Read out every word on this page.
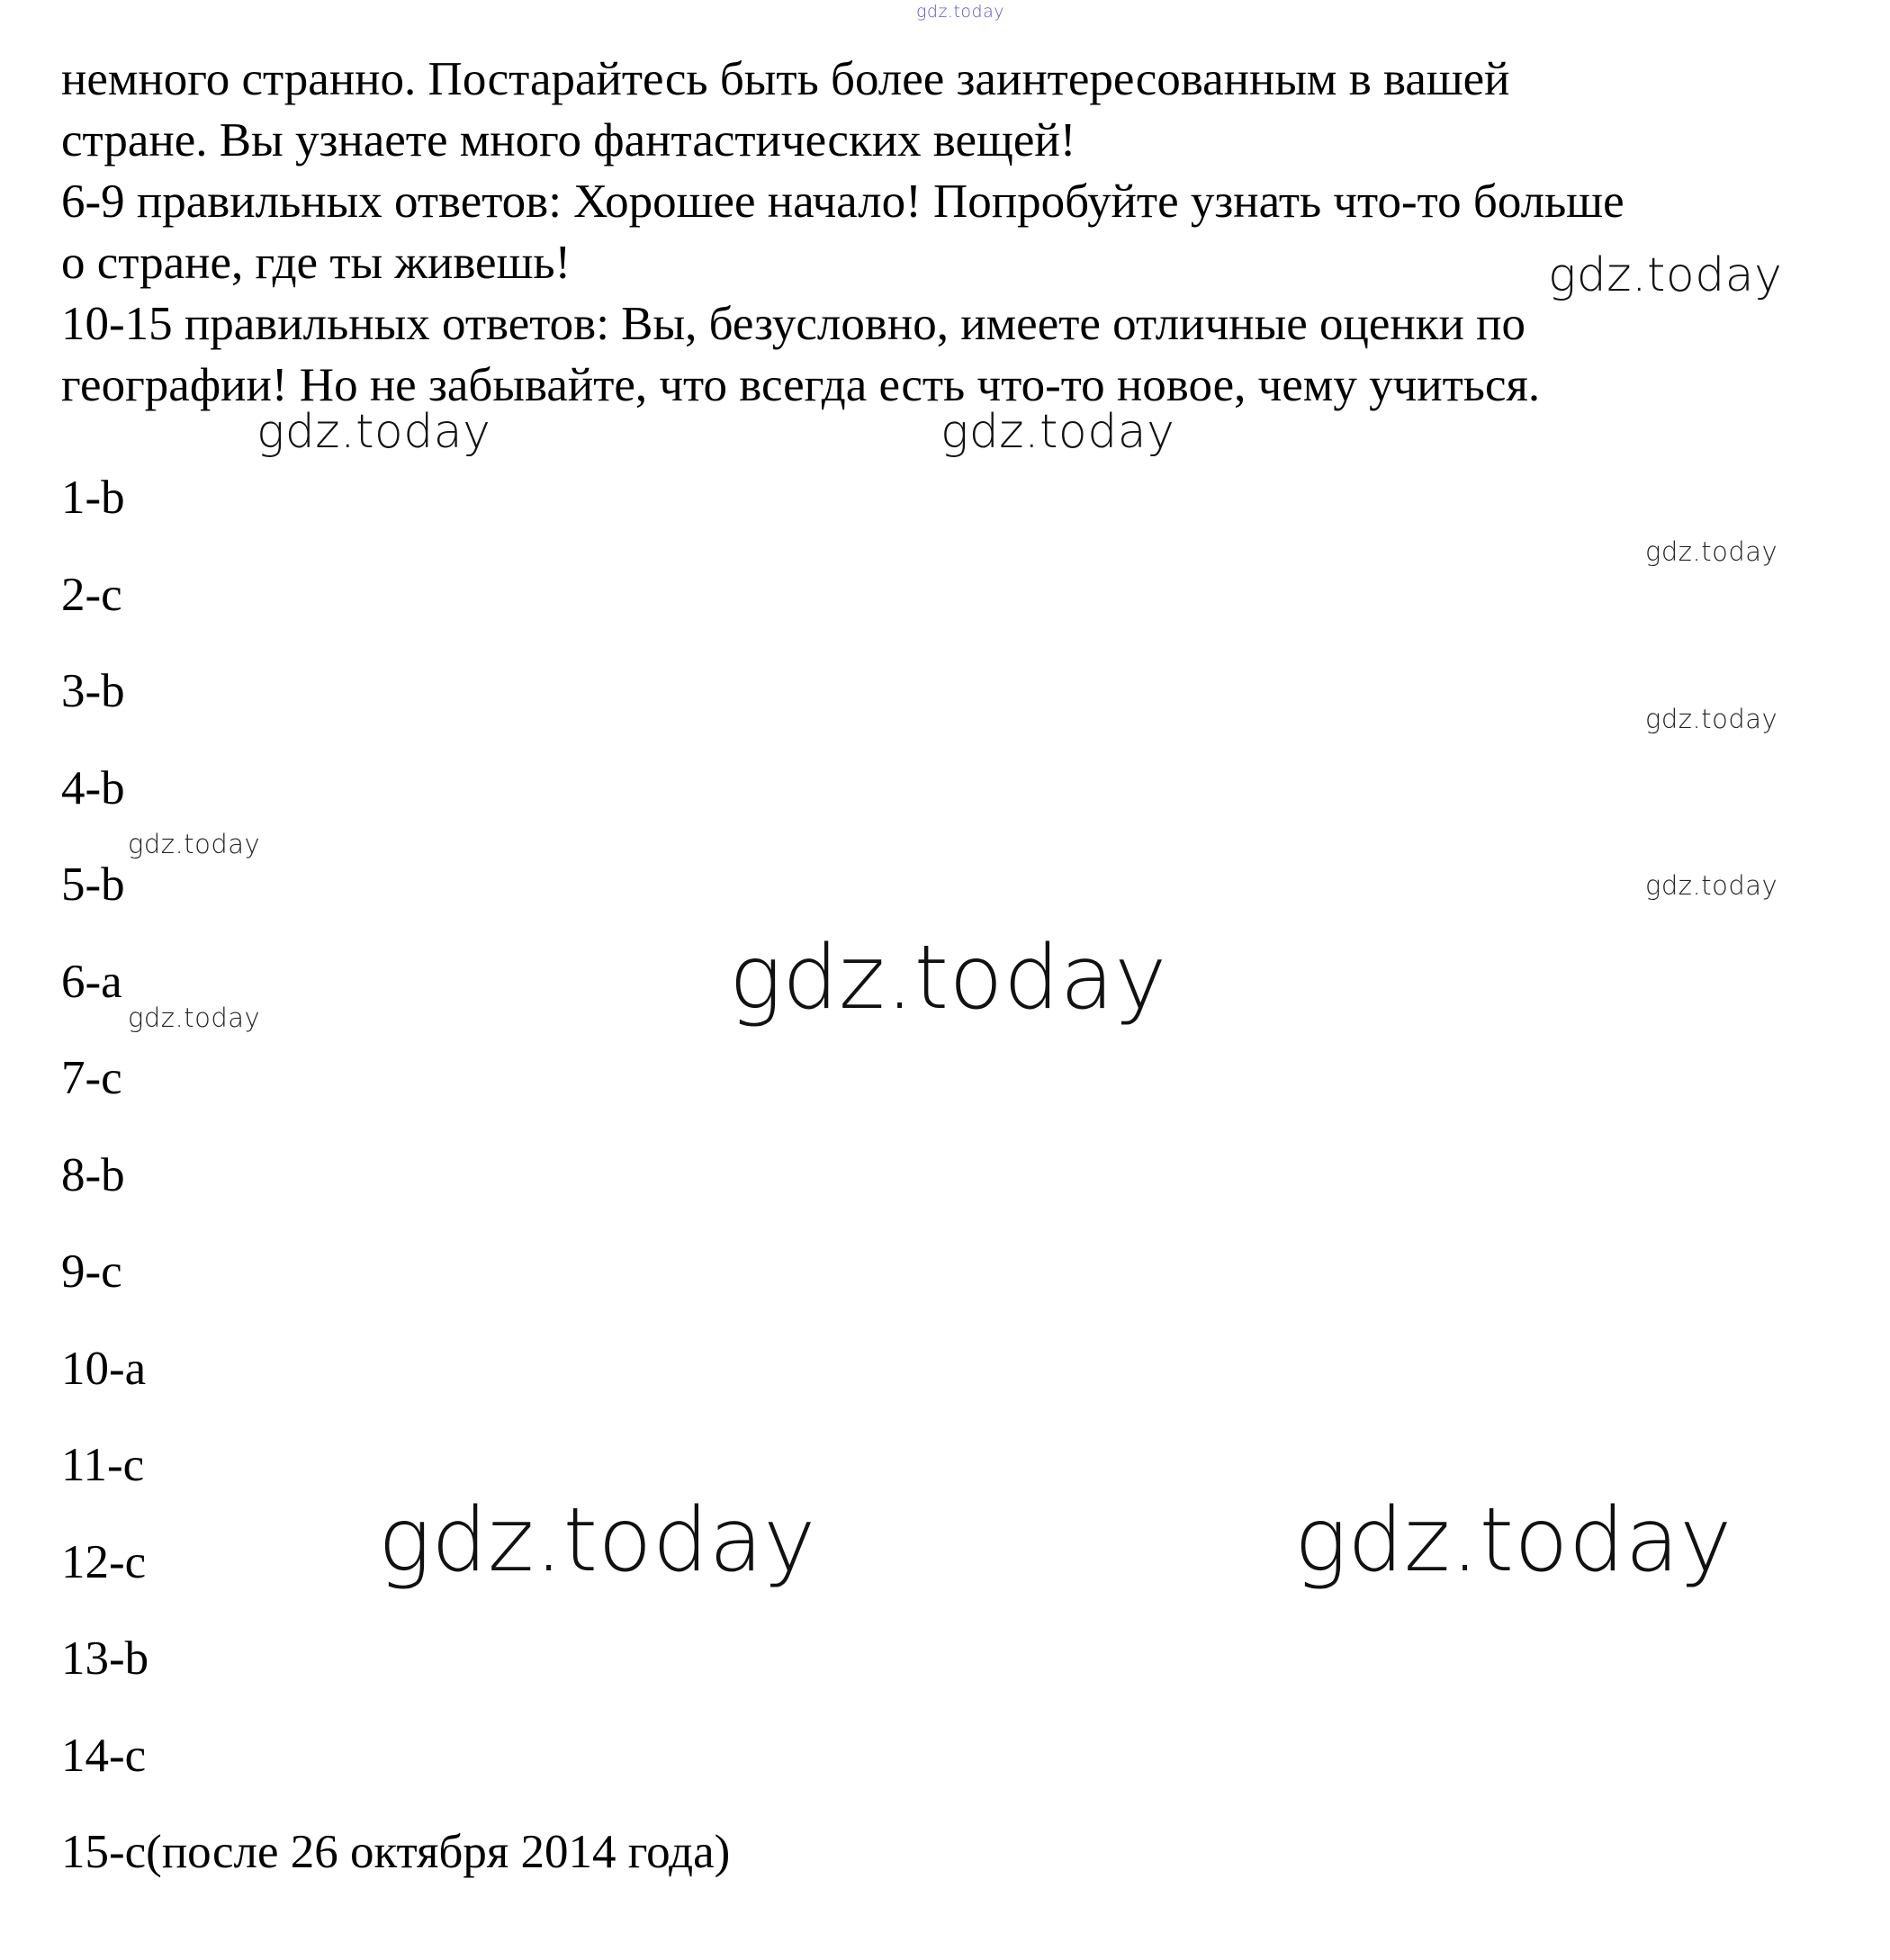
gdz.today
немного странно. Постарайтесь быть более заинтересованным в вашей
стране. Вы узнаете много фантастических вещей!
6-9 правильных ответов: Хорошее начало! Попробуйте узнать что-то больше
о стране, где ты живешь!
10-15 правильных ответов: Вы, безусловно, имеете отличные оценки по
географии! Но не забывайте, что всегда есть что-то новое, чему учиться.
1-b
2-c
3-b
4-b
5-b
6-a
7-c
8-b
9-c
10-a
11-c
12-c
13-b
14-c
15-c(после 26 октября 2014 года)
gdz.today
gdz.today	gdz.today
gdz.today
gdz.today
gdz.today
gdz.today
gdz.today	gdz.today
gdz.today	gdz.today
